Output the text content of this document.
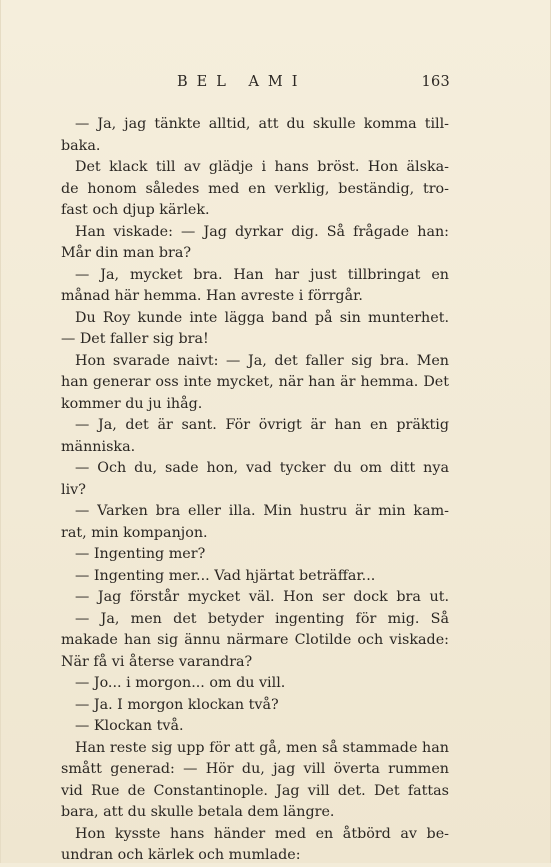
BEL AMI	163
— Ja, jag tänkte alltid, att du skulle komma till-
baka.
Det klack till av glädje i hans bröst. Hon älska-
de honom således med en verklig, beständig, tro-
fast och djup kärlek.
Han viskade: — Jag dyrkar dig. Så frågade han:
Mår din man bra?
— Ja, mycket bra. Han har just tillbringat en
månad här hemma. Han avreste i förrgår.
Du Roy kunde inte lägga band på sin munterhet.
— Det faller sig bra!
Hon svarade naivt: — Ja, det faller sig bra. Men
han generar oss inte mycket, när han är hemma. Det
kommer du ju ihåg.
— Ja, det är sant. För övrigt är han en präktig
människa.
— Och du, sade hon, vad tycker du om ditt nya
liv?
— Varken bra eller illa. Min hustru är min kam-
rat, min kompanjon.
— Ingenting mer?
— Ingenting mer... Vad hjärtat beträffar...
— Jag förstår mycket väl. Hon ser dock bra ut.
— Ja, men det betyder ingenting för mig. Så
makade han sig ännu närmare Clotilde och viskade:
När få vi återse varandra?
— Jo... i morgon... om du vill.
— Ja. I morgon klockan två?
— Klockan två.
Han reste sig upp för att gå, men så stammade han
smått generad: — Hör du, jag vill överta rummen
vid Rue de Constantinople. Jag vill det. Det fattas
bara, att du skulle betala dem längre.
Hon kysste hans händer med en åtbörd av be-
undran och kärlek och mumlade:
